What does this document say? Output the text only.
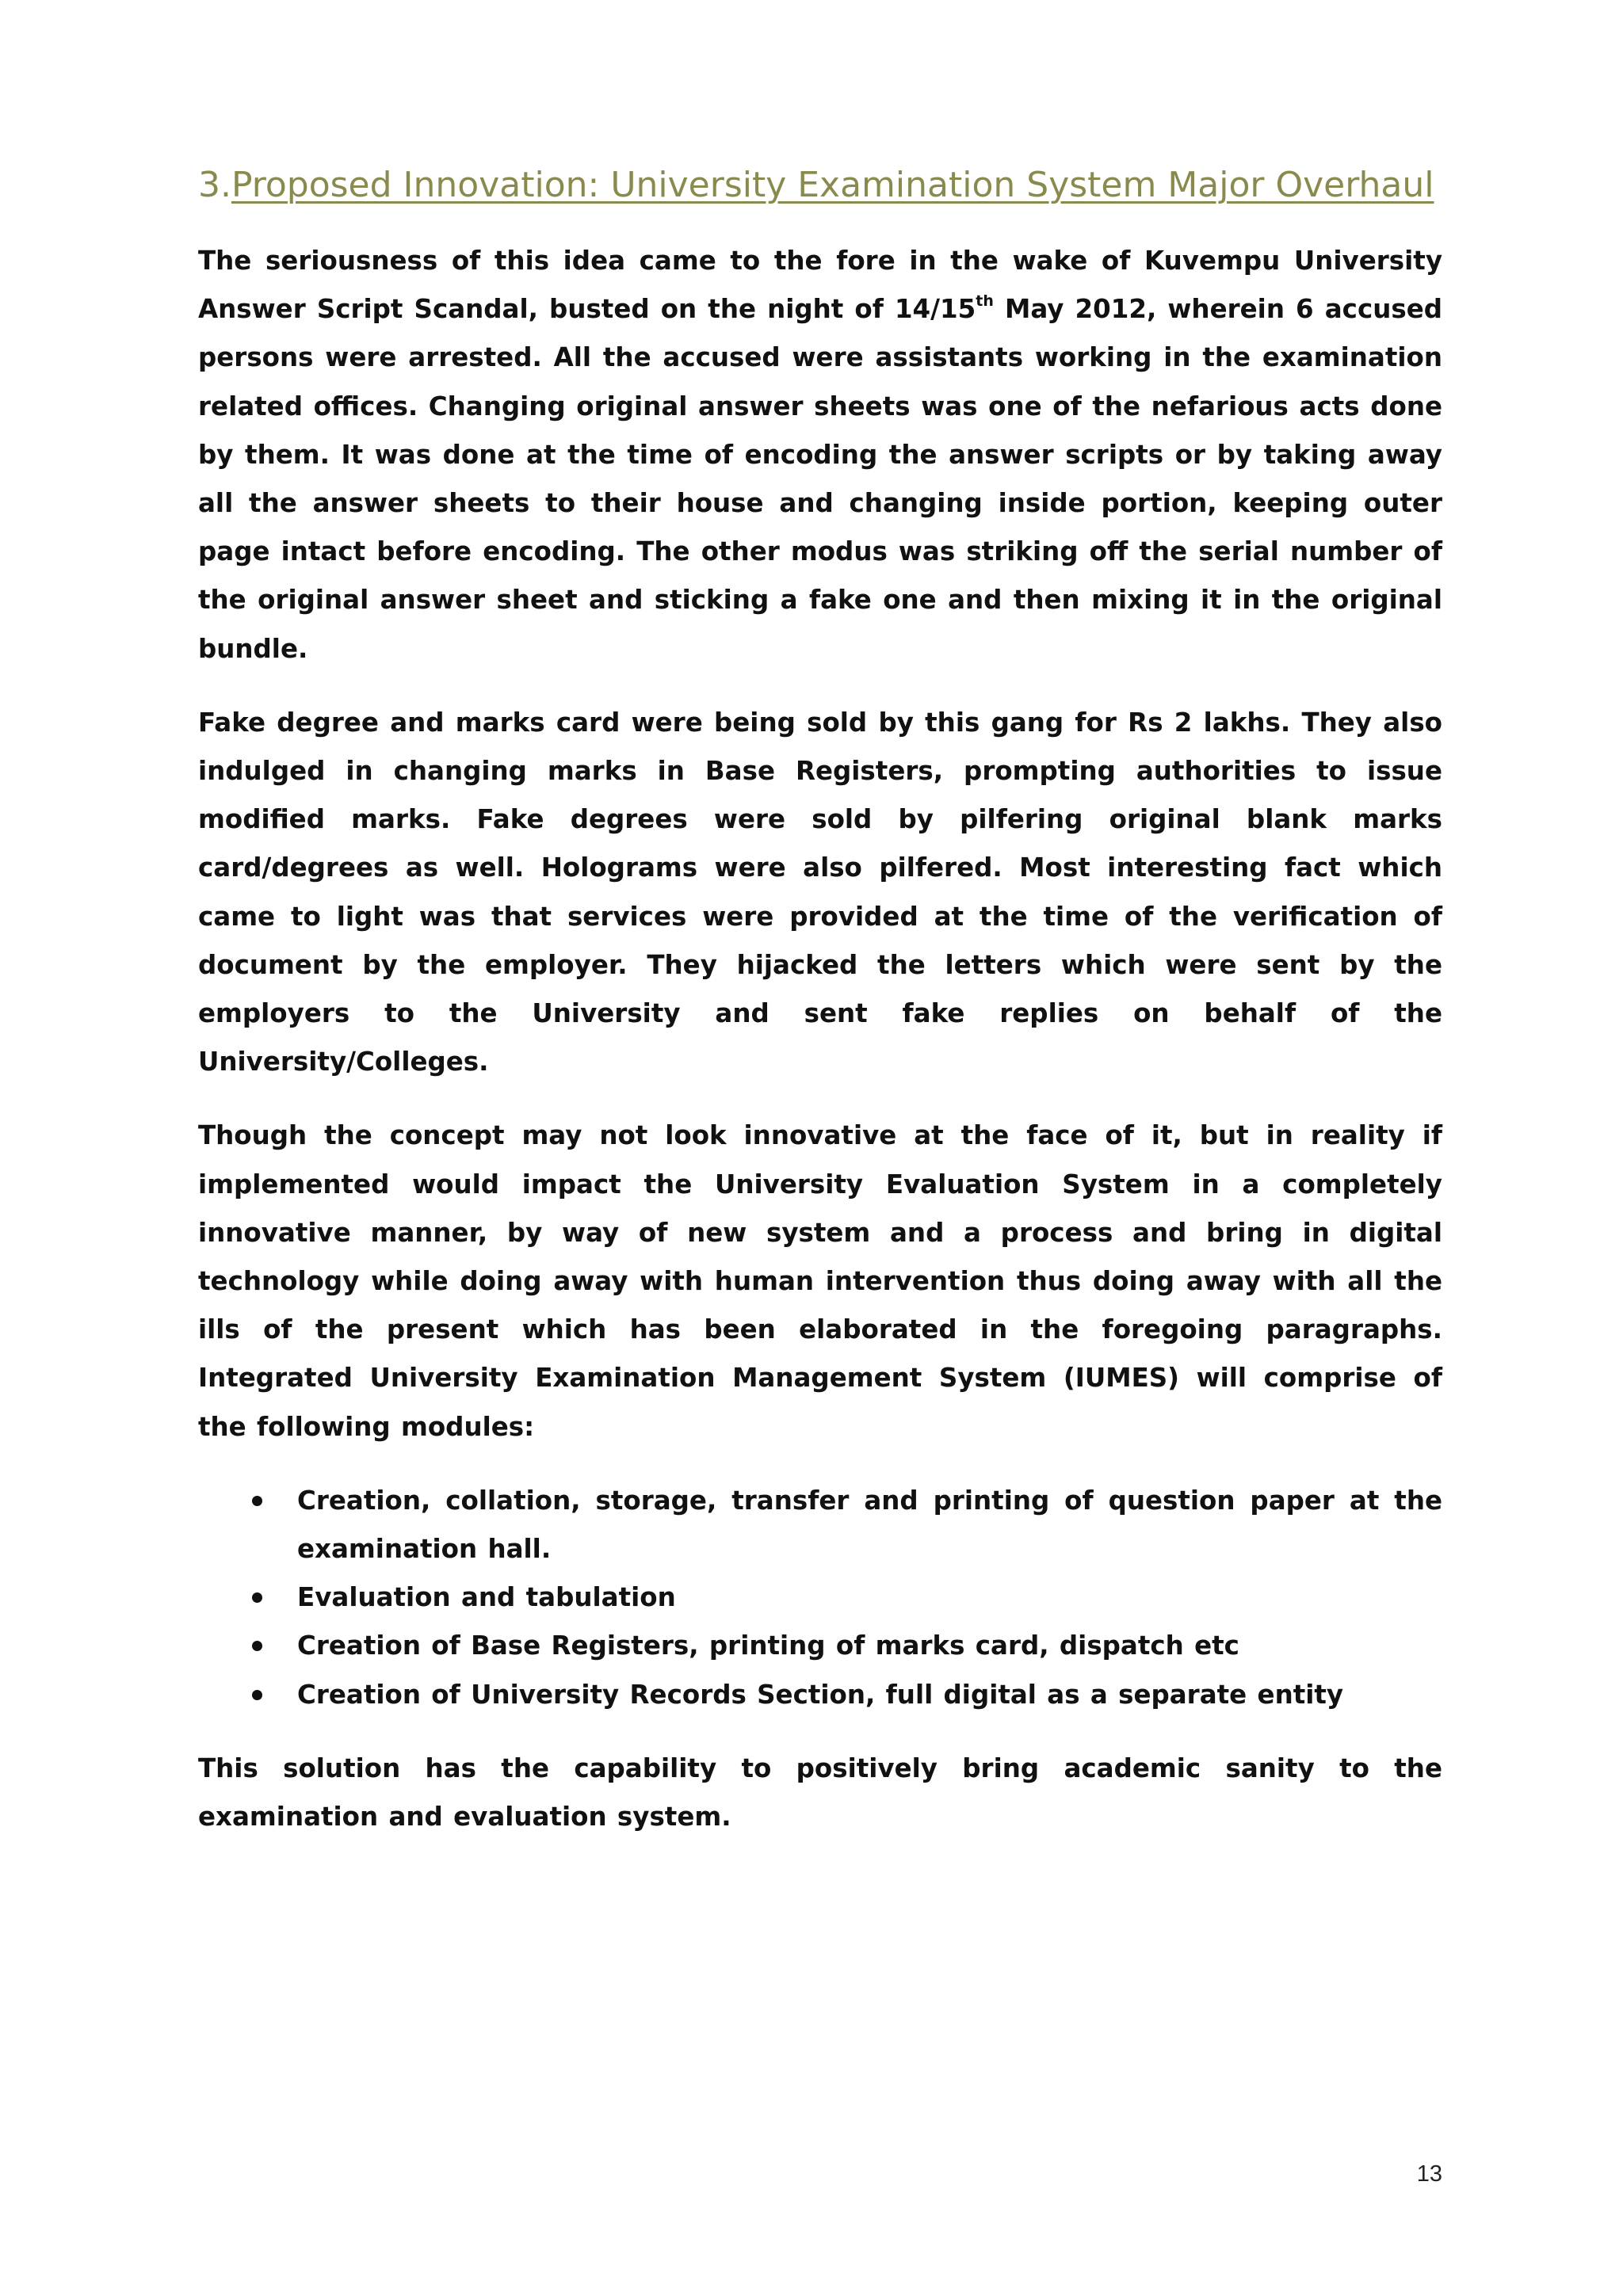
3.Proposed Innovation: University Examination System Major Overhaul

The seriousness of this idea came to the fore in the wake of Kuvempu University Answer Script Scandal, busted on the night of 14/15th May 2012, wherein 6 accused persons were arrested. All the accused were assistants working in the examination related offices. Changing original answer sheets was one of the nefarious acts done by them. It was done at the time of encoding the answer scripts or by taking away all the answer sheets to their house and changing inside portion, keeping outer page intact before encoding. The other modus was striking off the serial number of the original answer sheet and sticking a fake one and then mixing it in the original bundle.

Fake degree and marks card were being sold by this gang for Rs 2 lakhs. They also indulged in changing marks in Base Registers, prompting authorities to issue modified marks. Fake degrees were sold by pilfering original blank marks card/degrees as well. Holograms were also pilfered. Most interesting fact which came to light was that services were provided at the time of the verification of document by the employer. They hijacked the letters which were sent by the employers to the University and sent fake replies on behalf of the University/Colleges.

Though the concept may not look innovative at the face of it, but in reality if implemented would impact the University Evaluation System in a completely innovative manner, by way of new system and a process and bring in digital technology while doing away with human intervention thus doing away with all the ills of the present which has been elaborated in the foregoing paragraphs. Integrated University Examination Management System (IUMES) will comprise of the following modules:

Creation, collation, storage, transfer and printing of question paper at the examination hall.
Evaluation and tabulation
Creation of Base Registers, printing of marks card, dispatch etc
Creation of University Records Section, full digital as a separate entity

This solution has the capability to positively bring academic sanity to the examination and evaluation system.

13
